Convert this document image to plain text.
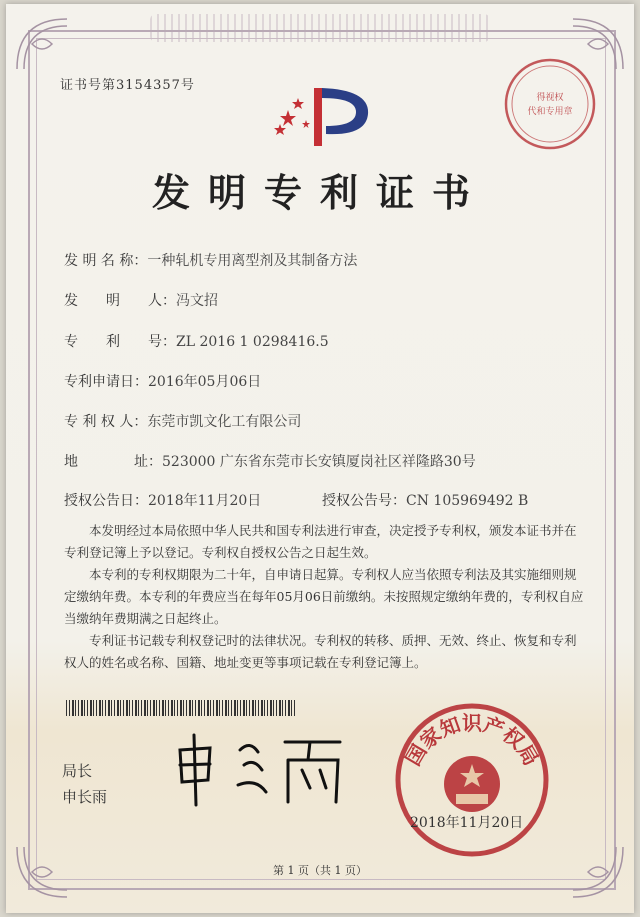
证书号第3154357号
得视权
代和专用章
发明专利证书
发 明 名 称：一种轧机专用离型剂及其制备方法
发　　明　　人：冯文招
专　　利　　号：ZL 2016 1 0298416.5
专利申请日：2016年05月06日
专 利 权 人：东莞市凯文化工有限公司
地　　　　址：523000 广东省东莞市长安镇厦岗社区祥隆路30号
授权公告日：2018年11月20日	授权公告号：CN 105969492 B

本发明经过本局依照中华人民共和国专利法进行审查，决定授予专利权，颁发本证书并在专利登记簿上予以登记。专利权自授权公告之日起生效。

本专利的专利权期限为二十年，自申请日起算。专利权人应当依照专利法及其实施细则规定缴纳年费。本专利的年费应当在每年05月06日前缴纳。未按照规定缴纳年费的，专利权自应当缴纳年费期满之日起终止。

专利证书记载专利权登记时的法律状况。专利权的转移、质押、无效、终止、恢复和专利权人的姓名或名称、国籍、地址变更等事项记载在专利登记簿上。

局长
申长雨
国家知识产权局
2018年11月20日
第 1 页（共 1 页）
